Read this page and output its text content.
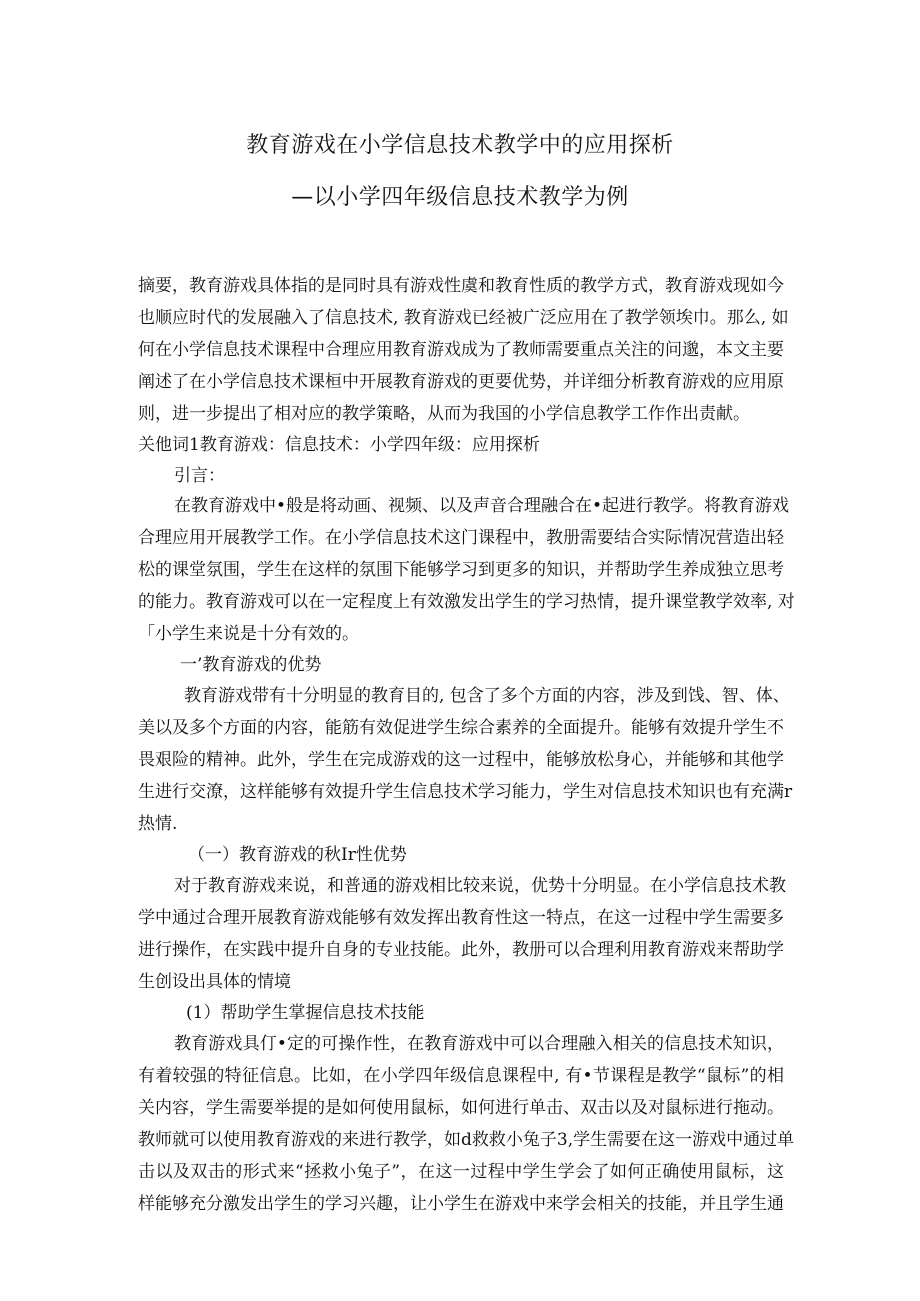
教育游戏在小学信息技术教学中的应用探析
—以小学四年级信息技术教学为例
摘要，教育游戏具体指的是同时具有游戏性虞和教育性质的教学方式，教育游戏现如今
也顺应时代的发展融入了信息技术, 教育游戏已经被广泛应用在了教学领埃巾。那么, 如
何在小学信息技术课程中合理应用教育游戏成为了教师需要重点关注的问邈，本文主要
阐述了在小学信息技术课桓中开展教育游戏的更要优势，并详细分析教育游戏的应用原
则，进一步提出了相对应的教学策略，从而为我国的小学信息教学工作作出责献。
关他词1教育游戏：信息技术：小学四年级：应用探析
引言：
在教育游戏中•般是将动画、视频、以及声音合理融合在•起进行教学。将教育游戏
合理应用开展教学工作。在小学信息技术这门课程中，教册需要结合实际情况营造出轻
松的课堂氛围，学生在这样的氛围下能够学习到更多的知识，并帮助学生养成独立思考
的能力。教育游戏可以在一定程度上有效激发出学生的学习热情，提升课堂教学效率, 对
「小学生来说是十分有效的。
一’教育游戏的优势
教育游戏带有十分明显的教育目的, 包含了多个方面的内容，涉及到饯、智、体、
美以及多个方面的内容，能筋有效促进学生综合素养的全面提升。能够有效提升学生不
畏艰险的精神。此外，学生在完成游戏的这一过程中，能够放松身心，并能够和其他学
生进行交潦，这样能够有效提升学生信息技术学习能力，学生对信息技术知识也有充满r
热情.
（一）教育游戏的秋Ir性优势
对于教育游戏来说，和普通的游戏相比较来说，优势十分明显。在小学信息技术教
学中通过合理开展教育游戏能够有效发挥出教育性这一特点，在这一过程中学生需要多
进行操作，在实践中提升自身的专业技能。此外，教册可以合理利用教育游戏来帮助学
生创设出具体的情境
(1）帮助学生掌握信息技术技能
教育游戏具仃•定的可操作性，在教育游戏中可以合理融入相关的信息技术知识，
有着较强的特征信息。比如，在小学四年级信息课程中, 有•节课程是教学“鼠标”的相
关内容，学生需要举提的是如何使用鼠标，如何进行单击、双击以及对鼠标进行拖动。
教师就可以使用教育游戏的来进行教学，如d救救小兔子3,学生需要在这一游戏中通过单
击以及双击的形式来“拯救小兔子”，在这一过程中学生学会了如何正确使用鼠标，这
样能够充分激发出学生的学习兴趣，让小学生在游戏中来学会相关的技能，并且学生通
